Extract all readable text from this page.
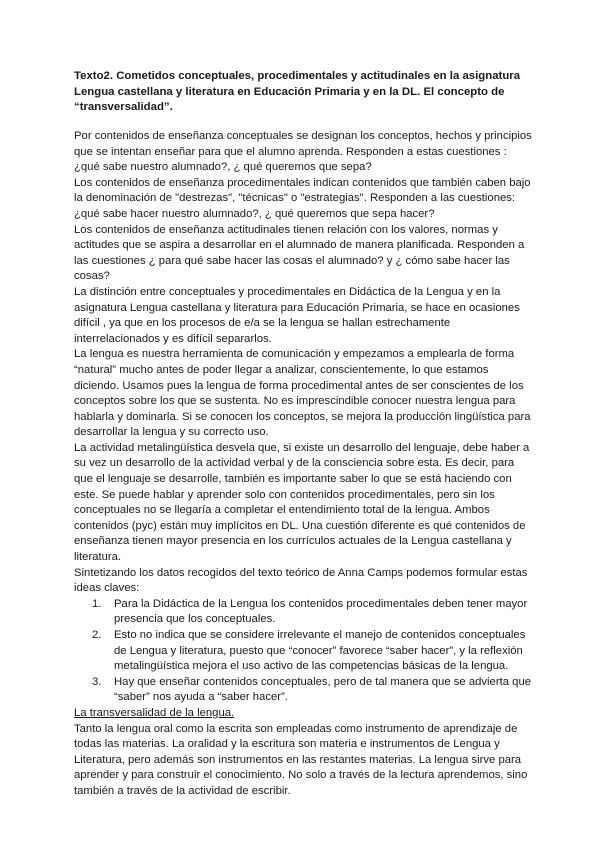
Texto2. Cometidos conceptuales, procedimentales y actitudinales en la asignatura Lengua castellana y literatura en Educación Primaria y en la DL. El concepto de “transversalidad”.

Por contenidos de enseñanza conceptuales se designan los conceptos, hechos y principios que se intentan enseñar para que el alumno aprenda. Responden a estas cuestiones : ¿qué sabe nuestro alumnado?, ¿ qué queremos que sepa?

Los contenidos de enseñanza procedimentales indican contenidos que también caben bajo la denominación de "destrezas", "técnicas" o "estrategias". Responden a las cuestiones: ¿qué sabe hacer nuestro alumnado?, ¿ qué queremos que sepa hacer?

Los contenidos de enseñanza actitudinales tienen relación con los valores, normas y actitudes que se aspira a desarrollar en el alumnado de manera planificada. Responden a las cuestiones ¿ para qué sabe hacer las cosas el alumnado? y ¿ cómo sabe hacer las cosas?

La distinción entre conceptuales y procedimentales en Didáctica de la Lengua y en la asignatura Lengua castellana y literatura para Educación Primaria, se hace en ocasiones difícil , ya que en los procesos de e/a se la lengua se hallan estrechamente interrelacionados y es difícil separarlos.

La lengua es nuestra herramienta de comunicación y empezamos a emplearla de forma “natural” mucho antes de poder llegar a analizar, conscientemente, lo que estamos diciendo. Usamos pues la lengua de forma procedimental antes de ser conscientes de los conceptos sobre los que se sustenta. No es imprescindible conocer nuestra lengua para hablarla y dominarla. Si se conocen los conceptos, se mejora la producción lingüística para desarrollar la lengua y su correcto uso.

La actividad metalingüística desvela que, si existe un desarrollo del lenguaje, debe haber a su vez un desarrollo de la actividad verbal y de la consciencia sobre esta. Es decir, para que el lenguaje se desarrolle, también es importante saber lo que se está haciendo con este. Se puede hablar y aprender solo con contenidos procedimentales, pero sin los conceptuales no se llegaría a completar el entendimiento total de la lengua. Ambos contenidos (pyc) están muy implícitos en DL. Una cuestión diferente es qué contenidos de enseñanza tienen mayor presencia en los currículos actuales de la Lengua castellana y literatura.

Sintetizando los datos recogidos del texto teórico de Anna Camps podemos formular estas ideas claves:

1. Para la Didáctica de la Lengua los contenidos procedimentales deben tener mayor presencia que los conceptuales.
2. Esto no indica que se considere irrelevante el manejo de contenidos conceptuales de Lengua y literatura, puesto que “conocer” favorece “saber hacer”, y la reflexión metalingüística mejora el uso activo de las competencias básicas de la lengua.
3. Hay que enseñar contenidos conceptuales, pero de tal manera que se advierta que “saber” nos ayuda a “saber hacer”.

La transversalidad de la lengua.

Tanto la lengua oral como la escrita son empleadas como instrumento de aprendizaje de todas las materias. La oralidad y la escritura son materia e instrumentos de Lengua y Literatura, pero además son instrumentos en las restantes materias. La lengua sirve para aprender y para construir el conocimiento. No solo a través de la lectura aprendemos, sino también a través de la actividad de escribir.
